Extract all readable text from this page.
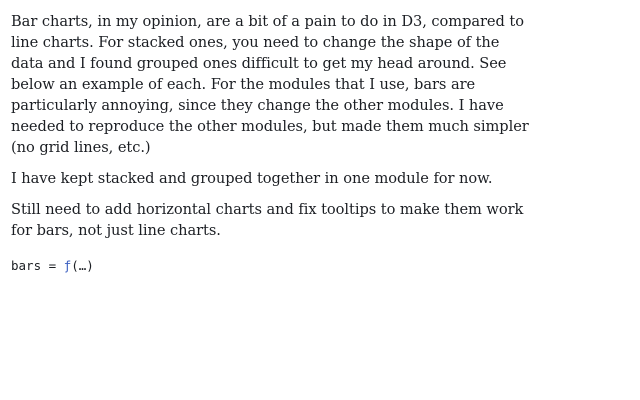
Bar charts, in my opinion, are a bit of a pain to do in D3, compared to line charts. For stacked ones, you need to change the shape of the data and I found grouped ones difficult to get my head around. See below an example of each. For the modules that I use, bars are particularly annoying, since they change the other modules. I have needed to reproduce the other modules, but made them much simpler (no grid lines, etc.)

I have kept stacked and grouped together in one module for now.

Still need to add horizontal charts and fix tooltips to make them work for bars, not just line charts.

bars = ƒ(…)
